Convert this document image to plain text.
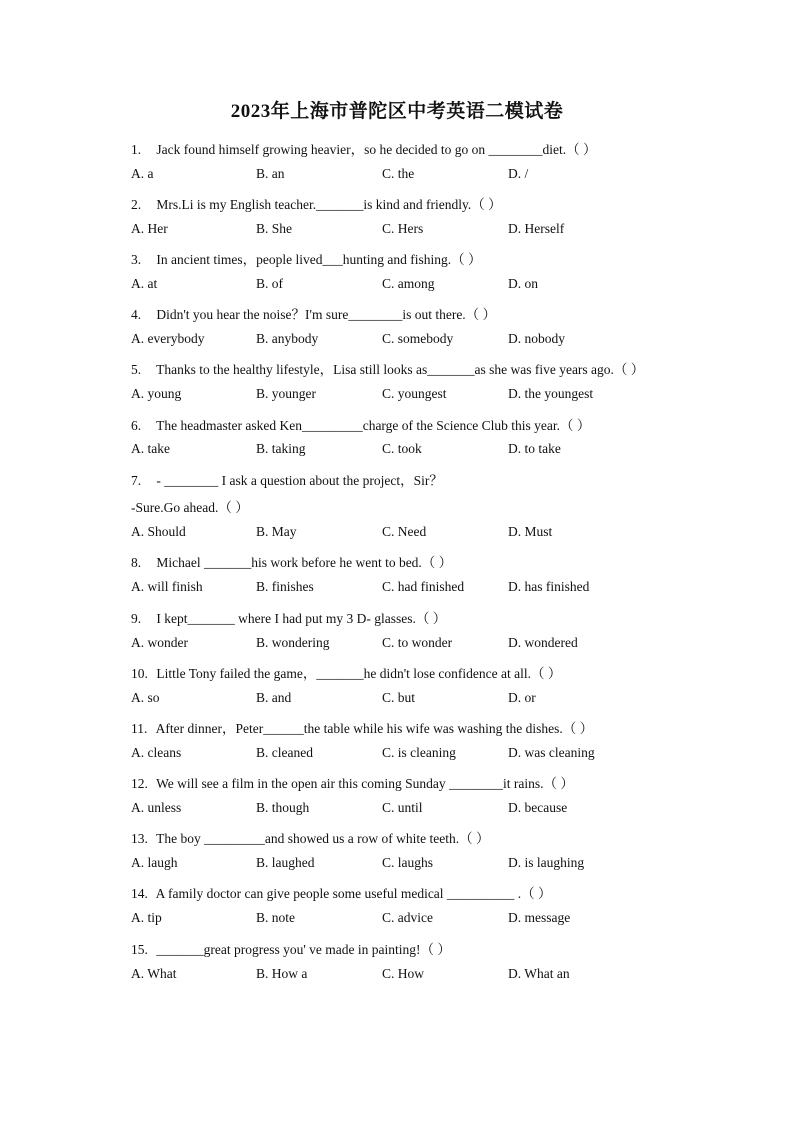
2023年上海市普陀区中考英语二模试卷
1. Jack found himself growing heavier，so he decided to go on ________diet.（ ）
A. a	B. an	C. the	D. /
2. Mrs.Li is my English teacher._______is kind and friendly.（ ）
A. Her	B. She	C. Hers	D. Herself
3. In ancient times，people lived___hunting and fishing.（ ）
A. at	B. of	C. among	D. on
4. Didn't you hear the noise？I'm sure________is out there.（ ）
A. everybody	B. anybody	C. somebody	D. nobody
5. Thanks to the healthy lifestyle，Lisa still looks as_______as she was five years ago.（ ）
A. young	B. younger	C. youngest	D. the youngest
6. The headmaster asked Ken_________charge of the Science Club this year.（ ）
A. take	B. taking	C. took	D. to take
7. - ________ I ask a question about the project，Sir？
-Sure.Go ahead.（ ）
A. Should	B. May	C. Need	D. Must
8. Michael _______his work before he went to bed.（ ）
A. will finish	B. finishes	C. had finished	D. has finished
9. I kept_______ where I had put my 3 D- glasses.（ ）
A. wonder	B. wondering	C. to wonder	D. wondered
10. Little Tony failed the game，_______he didn't lose confidence at all.（ ）
A. so	B. and	C. but	D. or
11. After dinner，Peter______the table while his wife was washing the dishes.（ ）
A. cleans	B. cleaned	C. is cleaning	D. was cleaning
12. We will see a film in the open air this coming Sunday ________it rains.（ ）
A. unless	B. though	C. until	D. because
13. The boy _________and showed us a row of white teeth.（ ）
A. laugh	B. laughed	C. laughs	D. is laughing
14. A family doctor can give people some useful medical __________ .（ ）
A. tip	B. note	C. advice	D. message
15. _______great progress you' ve made in painting!（ ）
A. What	B. How a	C. How	D. What an
